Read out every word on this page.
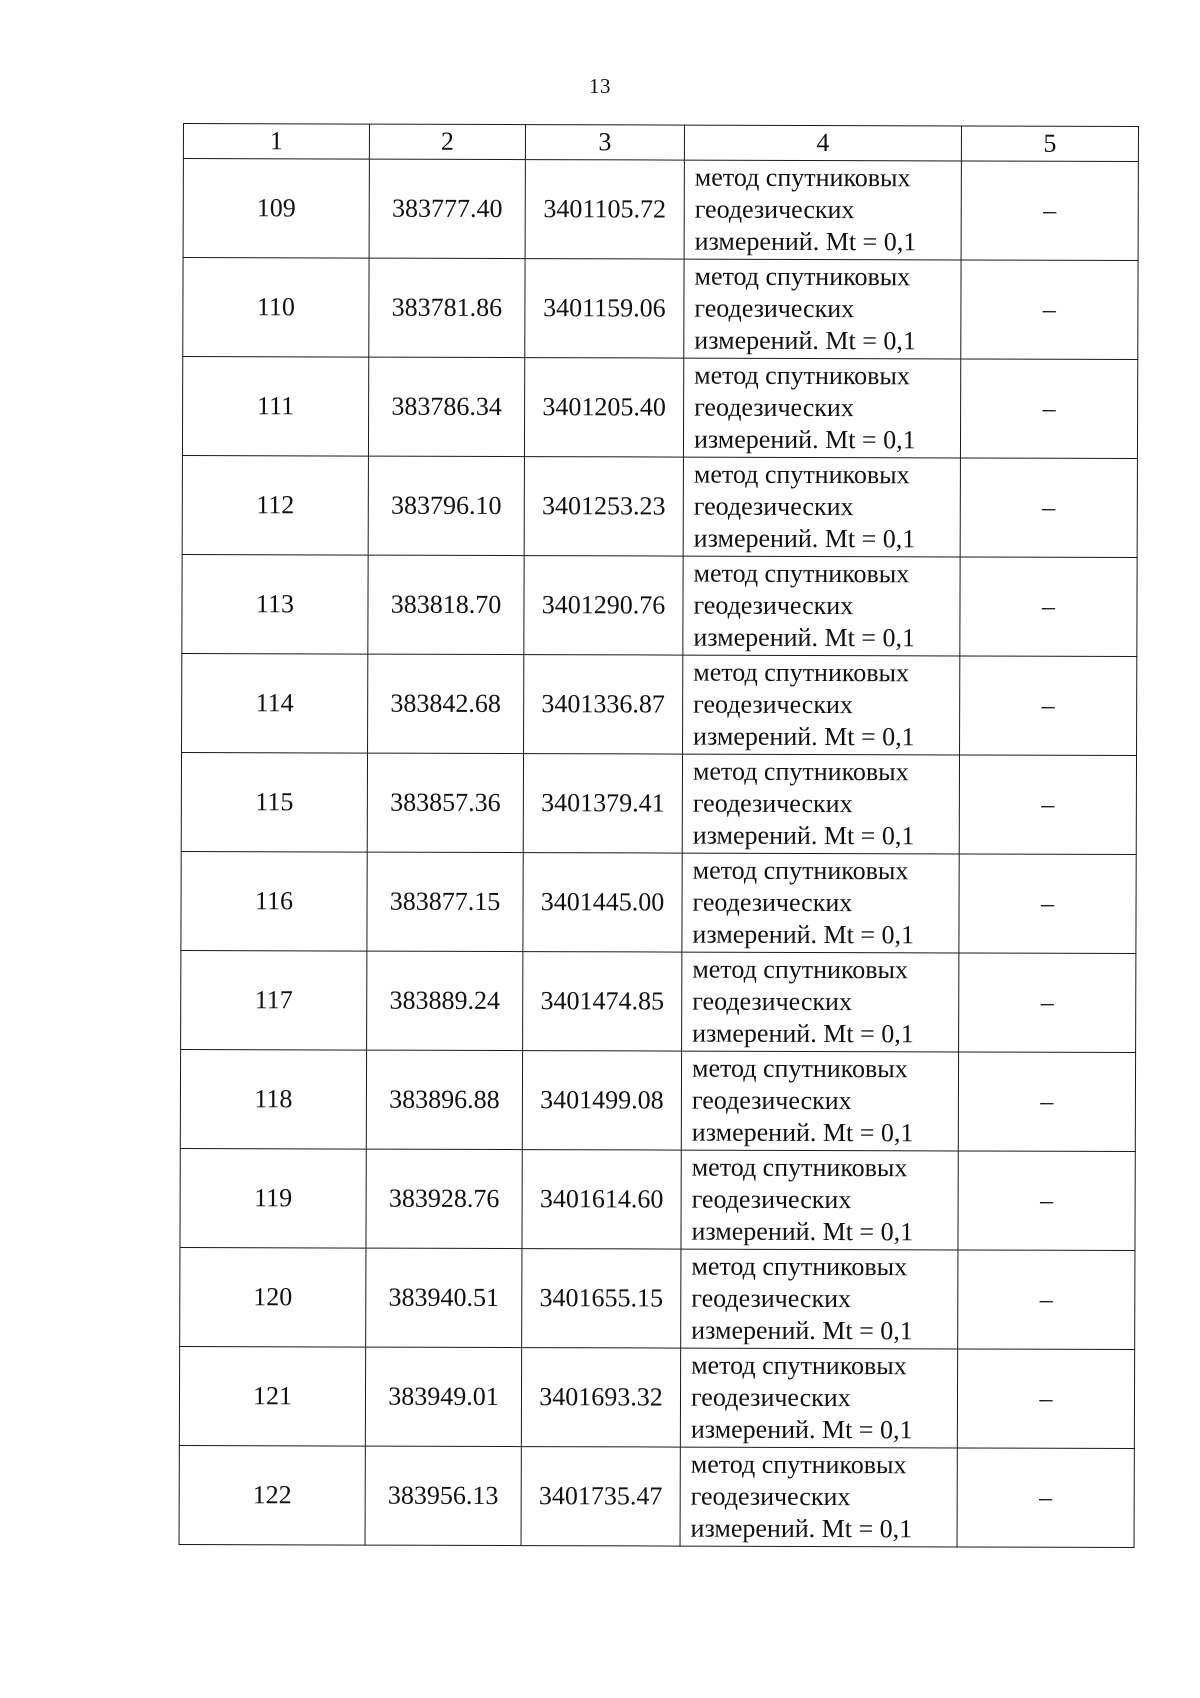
13
1	2	3	4	5
109	383777.40	3401105.72	метод спутниковых
геодезических
измерений. Mt = 0,1	–
110	383781.86	3401159.06	метод спутниковых
геодезических
измерений. Mt = 0,1	–
111	383786.34	3401205.40	метод спутниковых
геодезических
измерений. Mt = 0,1	–
112	383796.10	3401253.23	метод спутниковых
геодезических
измерений. Mt = 0,1	–
113	383818.70	3401290.76	метод спутниковых
геодезических
измерений. Mt = 0,1	–
114	383842.68	3401336.87	метод спутниковых
геодезических
измерений. Mt = 0,1	–
115	383857.36	3401379.41	метод спутниковых
геодезических
измерений. Mt = 0,1	–
116	383877.15	3401445.00	метод спутниковых
геодезических
измерений. Mt = 0,1	–
117	383889.24	3401474.85	метод спутниковых
геодезических
измерений. Mt = 0,1	–
118	383896.88	3401499.08	метод спутниковых
геодезических
измерений. Mt = 0,1	–
119	383928.76	3401614.60	метод спутниковых
геодезических
измерений. Mt = 0,1	–
120	383940.51	3401655.15	метод спутниковых
геодезических
измерений. Mt = 0,1	–
121	383949.01	3401693.32	метод спутниковых
геодезических
измерений. Mt = 0,1	–
122	383956.13	3401735.47	метод спутниковых
геодезических
измерений. Mt = 0,1	–
